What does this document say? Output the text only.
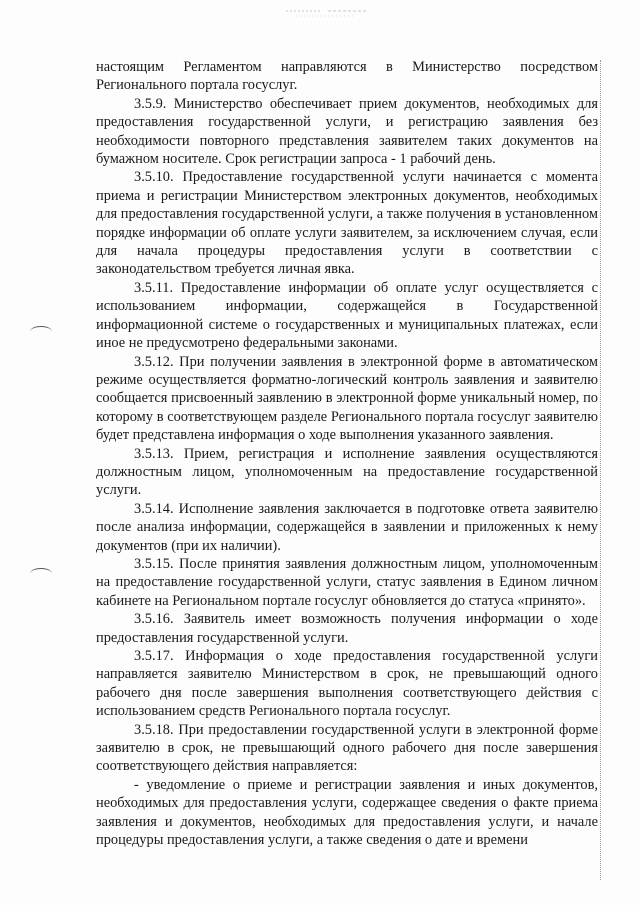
настоящим Регламентом направляются в Министерство посредством Регионального портала госуслуг.

3.5.9. Министерство обеспечивает прием документов, необходимых для предоставления государственной услуги, и регистрацию заявления без необходимости повторного представления заявителем таких документов на бумажном носителе. Срок регистрации запроса - 1 рабочий день.

3.5.10. Предоставление государственной услуги начинается с момента приема и регистрации Министерством электронных документов, необходимых для предоставления государственной услуги, а также получения в установленном порядке информации об оплате услуги заявителем, за исключением случая, если для начала процедуры предоставления услуги в соответствии с законодательством требуется личная явка.

3.5.11. Предоставление информации об оплате услуг осуществляется с использованием информации, содержащейся в Государственной информационной системе о государственных и муниципальных платежах, если иное не предусмотрено федеральными законами.

3.5.12. При получении заявления в электронной форме в автоматическом режиме осуществляется форматно-логический контроль заявления и заявителю сообщается присвоенный заявлению в электронной форме уникальный номер, по которому в соответствующем разделе Регионального портала госуслуг заявителю будет представлена информация о ходе выполнения указанного заявления.

3.5.13. Прием, регистрация и исполнение заявления осуществляются должностным лицом, уполномоченным на предоставление государственной услуги.

3.5.14. Исполнение заявления заключается в подготовке ответа заявителю после анализа информации, содержащейся в заявлении и приложенных к нему документов (при их наличии).

3.5.15. После принятия заявления должностным лицом, уполномоченным на предоставление государственной услуги, статус заявления в Едином личном кабинете на Региональном портале госуслуг обновляется до статуса «принято».

3.5.16. Заявитель имеет возможность получения информации о ходе предоставления государственной услуги.

3.5.17. Информация о ходе предоставления государственной услуги направляется заявителю Министерством в срок, не превышающий одного рабочего дня после завершения выполнения соответствующего действия с использованием средств Регионального портала госуслуг.

3.5.18. При предоставлении государственной услуги в электронной форме заявителю в срок, не превышающий одного рабочего дня после завершения соответствующего действия направляется:

- уведомление о приеме и регистрации заявления и иных документов, необходимых для предоставления услуги, содержащее сведения о факте приема заявления и документов, необходимых для предоставления услуги, и начале процедуры предоставления услуги, а также сведения о дате и времени
